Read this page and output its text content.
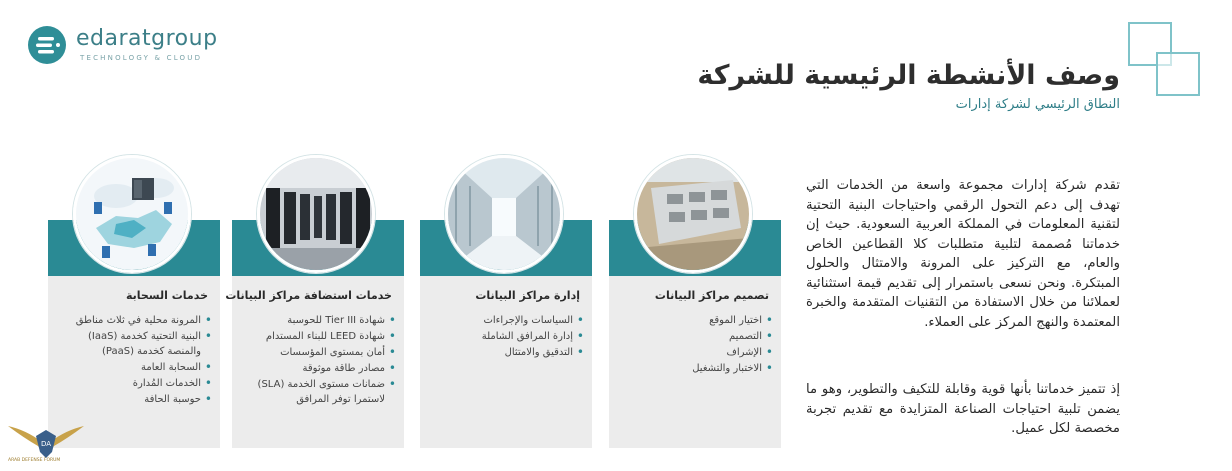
edaratgroup
TECHNOLOGY & CLOUD
وصف الأنشطة الرئيسية للشركة
النطاق الرئيسي لشركة إدارات
خدمات السحابة
• المرونة محلية في ثلاث مناطق
• البنية التحتية كخدمة (IaaS) والمنصة كخدمة (PaaS)
• السحابة العامة
• الخدمات المُدارة
• حوسبة الحافة
خدمات استضافة مراكز البيانات
• شهادة Tier III للحوسبة
• شهادة LEED للبناء المستدام
• أمان بمستوى المؤسسات
• مصادر طاقة موثوقة
• ضمانات مستوى الخدمة (SLA) لاستمرا توفر المرافق
إدارة مراكز البيانات
• السياسات والإجراءات
• إدارة المرافق الشاملة
• التدقيق والامتثال
تصميم مراكز البيانات
• اختيار الموقع
• التصميم
• الإشراف
• الاختبار والتشغيل

تقدم شركة إدارات مجموعة واسعة من الخدمات التي تهدف إلى دعم التحول الرقمي واحتياجات البنية التحتية لتقنية المعلومات في المملكة العربية السعودية. حيث إن خدماتنا مُصممة لتلبية متطلبات كلا القطاعين الخاص والعام، مع التركيز على المرونة والامتثال والحلول المبتكرة. ونحن نسعى باستمرار إلى تقديم قيمة استثنائية لعملائنا من خلال الاستفادة من التقنيات المتقدمة والخبرة المعتمدة والنهج المركز على العملاء.

إذ تتميز خدماتنا بأنها قوية وقابلة للتكيف والتطوير، وهو ما يضمن تلبية احتياجات الصناعة المتزايدة مع تقديم تجربة مخصصة لكل عميل.

DA
ARAB DEFENSE FORUM
